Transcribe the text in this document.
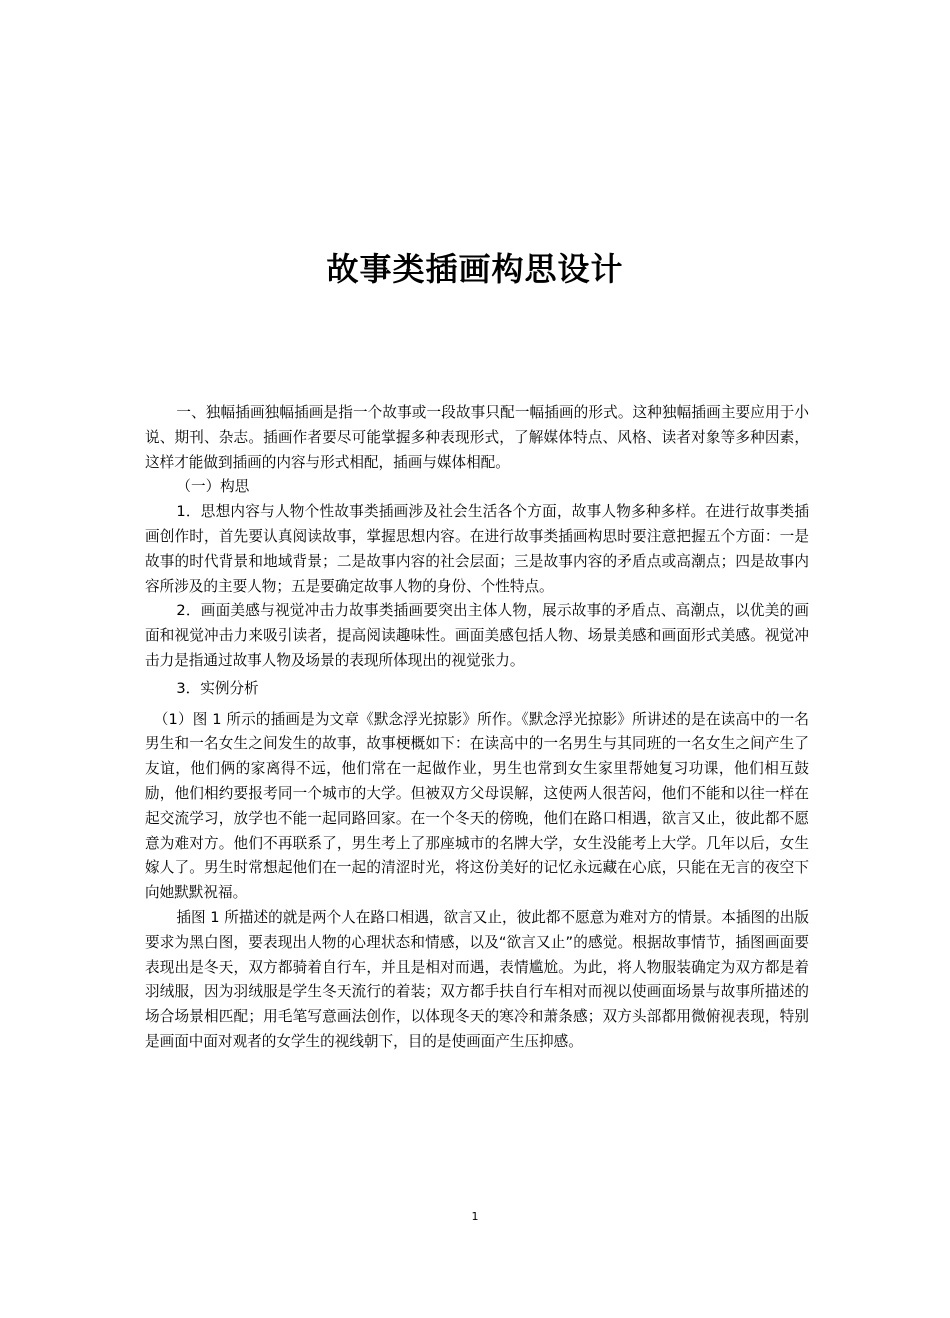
故事类插画构思设计

一、独幅插画独幅插画是指一个故事或一段故事只配一幅插画的形式。这种独幅插画主要应用于小说、期刊、杂志。插画作者要尽可能掌握多种表现形式，了解媒体特点、风格、读者对象等多种因素，这样才能做到插画的内容与形式相配，插画与媒体相配。

（一）构思

1．思想内容与人物个性故事类插画涉及社会生活各个方面，故事人物多种多样。在进行故事类插画创作时，首先要认真阅读故事，掌握思想内容。在进行故事类插画构思时要注意把握五个方面：一是故事的时代背景和地域背景；二是故事内容的社会层面；三是故事内容的矛盾点或高潮点；四是故事内容所涉及的主要人物；五是要确定故事人物的身份、个性特点。

2．画面美感与视觉冲击力故事类插画要突出主体人物，展示故事的矛盾点、高潮点，以优美的画面和视觉冲击力来吸引读者，提高阅读趣味性。画面美感包括人物、场景美感和画面形式美感。视觉冲击力是指通过故事人物及场景的表现所体现出的视觉张力。

3．实例分析

（1）图 1 所示的插画是为文章《默念浮光掠影》所作。《默念浮光掠影》所讲述的是在读高中的一名男生和一名女生之间发生的故事，故事梗概如下：在读高中的一名男生与其同班的一名女生之间产生了友谊，他们俩的家离得不远，他们常在一起做作业，男生也常到女生家里帮她复习功课，他们相互鼓励，他们相约要报考同一个城市的大学。但被双方父母误解，这使两人很苦闷，他们不能和以往一样在起交流学习，放学也不能一起同路回家。在一个冬天的傍晚，他们在路口相遇，欲言又止，彼此都不愿意为难对方。他们不再联系了，男生考上了那座城市的名牌大学，女生没能考上大学。几年以后，女生嫁人了。男生时常想起他们在一起的清涩时光，将这份美好的记忆永远藏在心底，只能在无言的夜空下向她默默祝福。

插图 1 所描述的就是两个人在路口相遇，欲言又止，彼此都不愿意为难对方的情景。本插图的出版要求为黑白图，要表现出人物的心理状态和情感，以及“欲言又止”的感觉。根据故事情节，插图画面要表现出是冬天，双方都骑着自行车，并且是相对而遇，表情尴尬。为此，将人物服装确定为双方都是着羽绒服，因为羽绒服是学生冬天流行的着装；双方都手扶自行车相对而视以使画面场景与故事所描述的场合场景相匹配；用毛笔写意画法创作，以体现冬天的寒冷和萧条感；双方头部都用微俯视表现，特别是画面中面对观者的女学生的视线朝下，目的是使画面产生压抑感。

1
